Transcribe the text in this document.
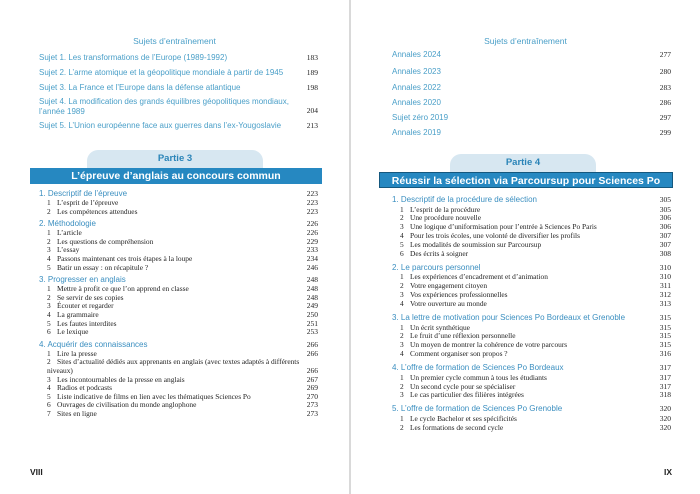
Sujets d’entraînement
Sujet 1. Les transformations de l’Europe (1989-1992)	183
Sujet 2. L’arme atomique et la géopolitique mondiale à partir de 1945	189
Sujet 3. La France et l’Europe dans la défense atlantique	198
Sujet 4. La modification des grands équilibres géopolitiques mondiaux, l’année 1989	204
Sujet 5. L’Union européenne face aux guerres dans l’ex-Yougoslavie	213
Partie 3
L’épreuve d’anglais au concours commun
1. Descriptif de l’épreuve	223
1 L’esprit de l’épreuve	223
2 Les compétences attendues	223
2. Méthodologie	226
1 L’article	226
2 Les questions de compréhension	229
3 L’essay	233
4 Passons maintenant ces trois étapes à la loupe	234
5 Batir un essay : on récapitule ?	246
3. Progresser en anglais	248
1 Mettre à profit ce que l’on apprend en classe	248
2 Se servir de ses copies	248
3 Écouter et regarder	249
4 La grammaire	250
5 Les fautes interdites	251
6 Le lexique	253
4. Acquérir des connaissances	266
1 Lire la presse	266
2 Sites d’actualité dédiés aux apprenants en anglais (avec textes adaptés à différents niveaux)	266
3 Les incontournables de la presse en anglais	267
4 Radios et podcasts	269
5 Liste indicative de films en lien avec les thématiques Sciences Po	270
6 Ouvrages de civilisation du monde anglophone	273
7 Sites en ligne	273
VIII
Sujets d’entraînement
Annales 2024	277
Annales 2023	280
Annales 2022	283
Annales 2020	286
Sujet zéro 2019	297
Annales 2019	299
Partie 4
Réussir la sélection via Parcoursup pour Sciences Po
1. Descriptif de la procédure de sélection	305
1 L’esprit de la procédure	305
2 Une procédure nouvelle	306
3 Une logique d’uniformisation pour l’entrée à Sciences Po Paris	306
4 Pour les trois écoles, une volonté de diversifier les profils	307
5 Les modalités de soumission sur Parcoursup	307
6 Des écrits à soigner	308
2. Le parcours personnel	310
1 Les expériences d’encadrement et d’animation	310
2 Votre engagement citoyen	311
3 Vos expériences professionnelles	312
4 Votre ouverture au monde	313
3. La lettre de motivation pour Sciences Po Bordeaux et Grenoble	315
1 Un écrit synthétique	315
2 Le fruit d’une réflexion personnelle	315
3 Un moyen de montrer la cohérence de votre parcours	315
4 Comment organiser son propos ?	316
4. L’offre de formation de Sciences Po Bordeaux	317
1 Un premier cycle commun à tous les étudiants	317
2 Un second cycle pour se spécialiser	317
3 Le cas particulier des filières intégrées	318
5. L’offre de formation de Sciences Po Grenoble	320
1 Le cycle Bachelor et ses spécificités	320
2 Les formations de second cycle	320
IX
